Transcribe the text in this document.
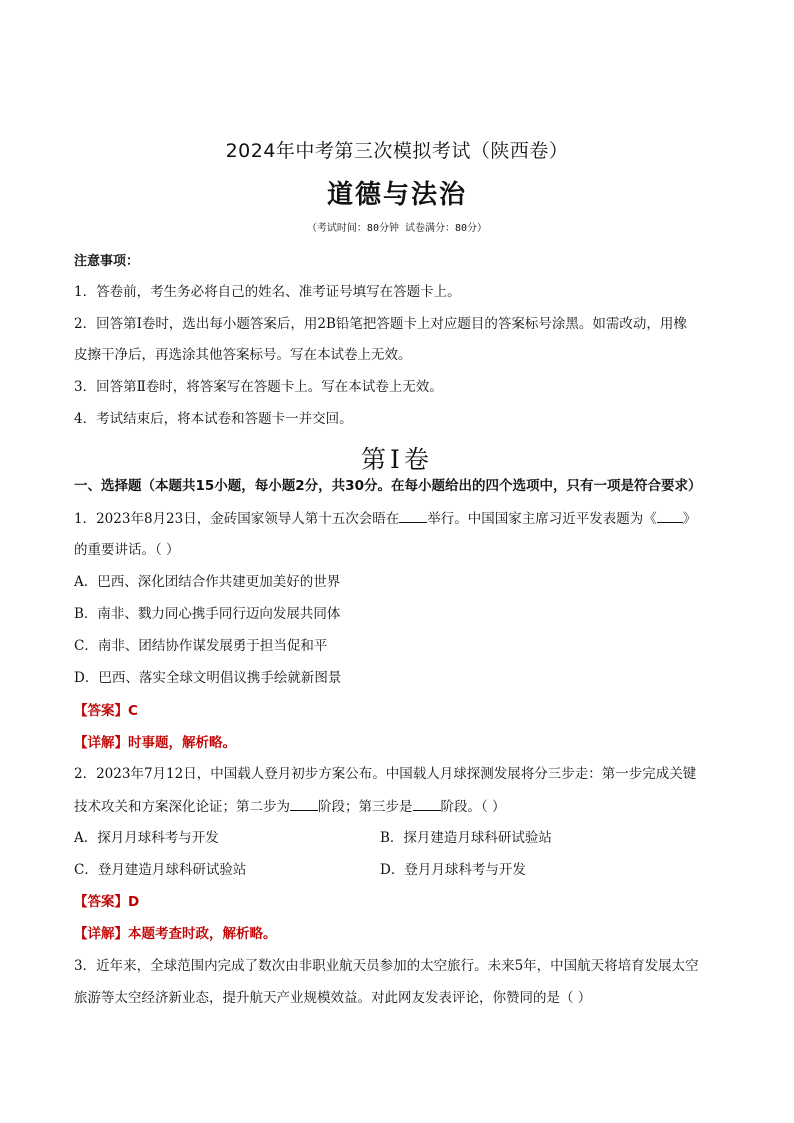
2024年中考第三次模拟考试（陕西卷）
道德与法治
（考试时间：80分钟 试卷满分：80分）
注意事项：
1．答卷前，考生务必将自己的姓名、准考证号填写在答题卡上。
2．回答第Ⅰ卷时，选出每小题答案后，用2B铅笔把答题卡上对应题目的答案标号涂黑。如需改动，用橡
皮擦干净后，再选涂其他答案标号。写在本试卷上无效。
3．回答第Ⅱ卷时，将答案写在答题卡上。写在本试卷上无效。
4．考试结束后，将本试卷和答题卡一并交回。
第Ⅰ卷
一、选择题（本题共15小题，每小题2分，共30分。在每小题给出的四个选项中，只有一项是符合要求）
1．2023年8月23日，金砖国家领导人第十五次会晤在 举行。中国国家主席习近平发表题为《 》
的重要讲话。（ ）
A．巴西、深化团结合作共建更加美好的世界
B．南非、戮力同心携手同行迈向发展共同体
C．南非、团结协作谋发展勇于担当促和平
D．巴西、落实全球文明倡议携手绘就新图景
【答案】C
【详解】时事题，解析略。
2．2023年7月12日，中国载人登月初步方案公布。中国载人月球探测发展将分三步走：第一步完成关键
技术攻关和方案深化论证；第二步为 阶段；第三步是 阶段。（ ）
A．探月月球科考与开发	B．探月建造月球科研试验站
C．登月建造月球科研试验站	D．登月月球科考与开发
【答案】D
【详解】本题考查时政，解析略。
3．近年来，全球范围内完成了数次由非职业航天员参加的太空旅行。未来5年，中国航天将培育发展太空
旅游等太空经济新业态，提升航天产业规模效益。对此网友发表评论，你赞同的是（ ）
